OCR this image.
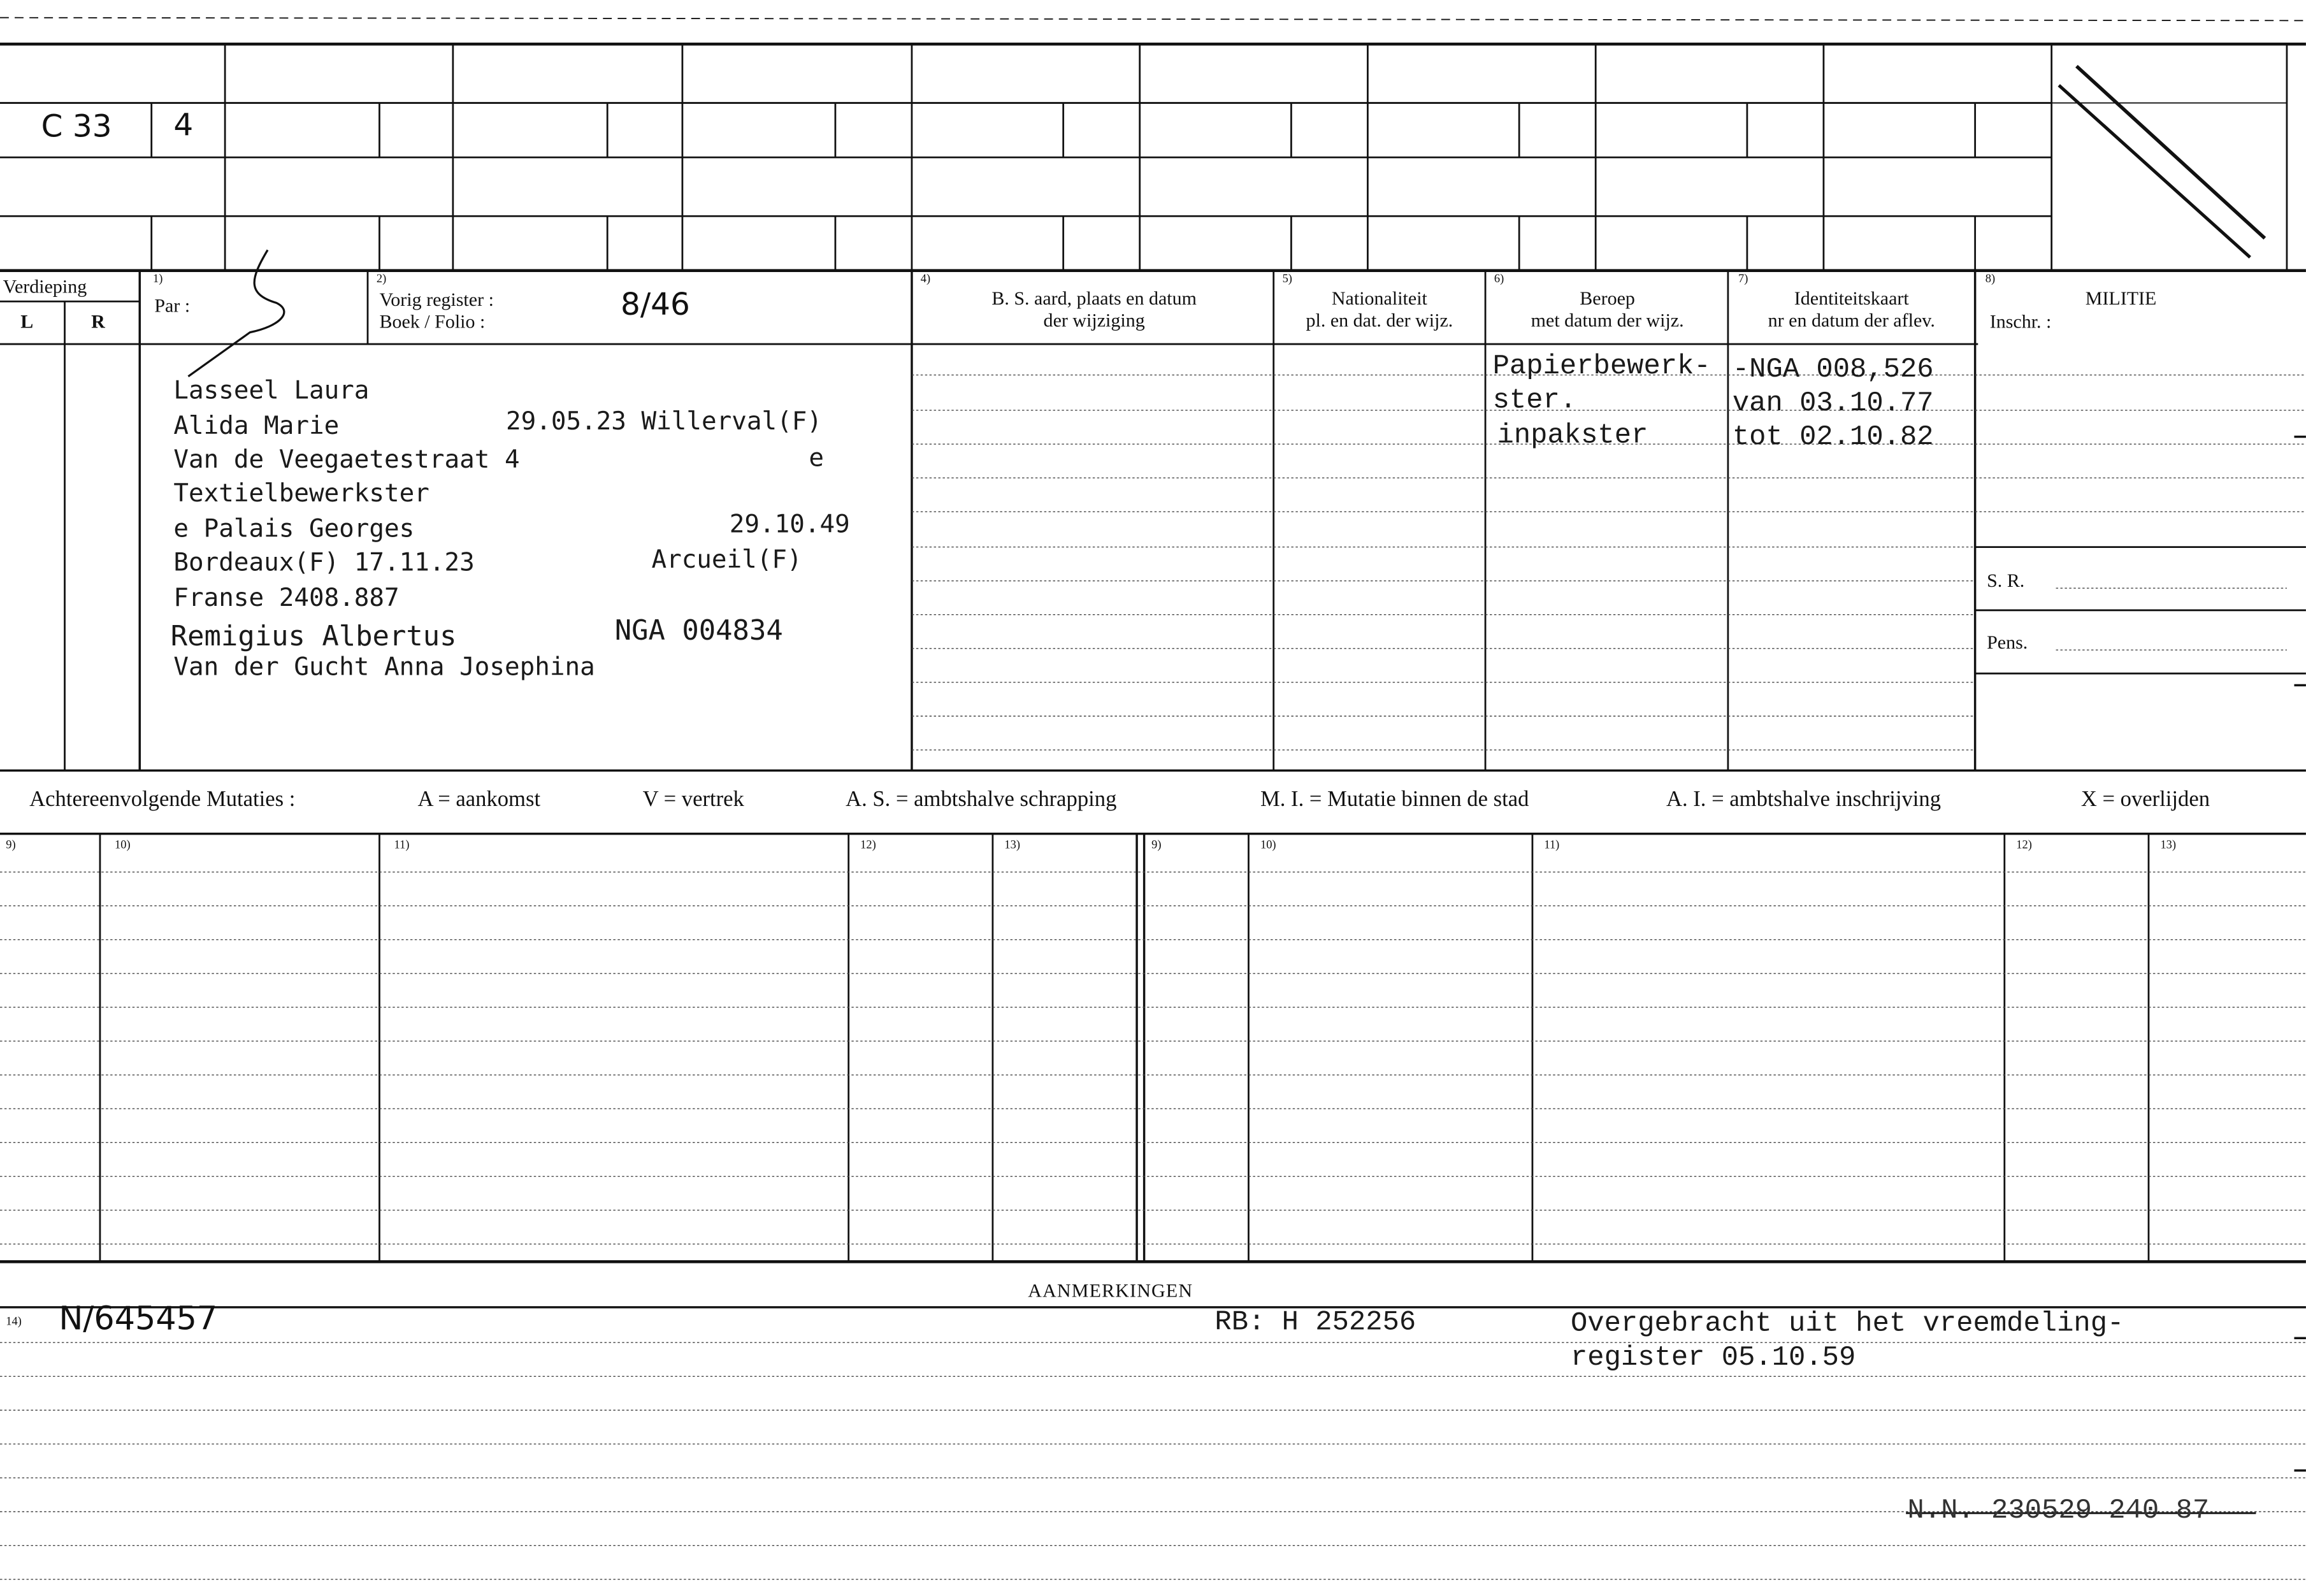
C 33	4
Verdieping
L	R
1)
Par :
2)
Vorig register :
Boek / Folio :	8/46
4)
B. S. aard, plaats en datum
der wijziging
5)
Nationaliteit
pl. en dat. der wijz.
6)
Beroep
met datum der wijz.
7)
Identiteitskaart
nr en datum der aflev.
8)
MILITIE
Inschr. :
S. R.
Pens.
Lasseel Laura
Alida Marie	29.05.23 Willerval(F)
Van de Veegaetestraat 4	e
Textielbewerkster
e Palais Georges	29.10.49
Bordeaux(F) 17.11.23	Arcueil(F)
Franse 2408.887
Remigius Albertus	NGA 004834
Van der Gucht Anna Josephina
Papierbewerk-
ster.
inpakster
-NGA 008,526
van 03.10.77
tot 02.10.82
Achtereenvolgende Mutaties :	A = aankomst	V = vertrek	A. S. = ambtshalve schrapping	M. I. = Mutatie binnen de stad	A. I. = ambtshalve inschrijving	X = overlijden
9)	10)	11)	12)	13)	9)	10)	11)	12)	13)
AANMERKINGEN
14)	N/645457	RB: H 252256	Overgebracht uit het vreemdeling-
register 05.10.59
N.N. 230529 240 87
